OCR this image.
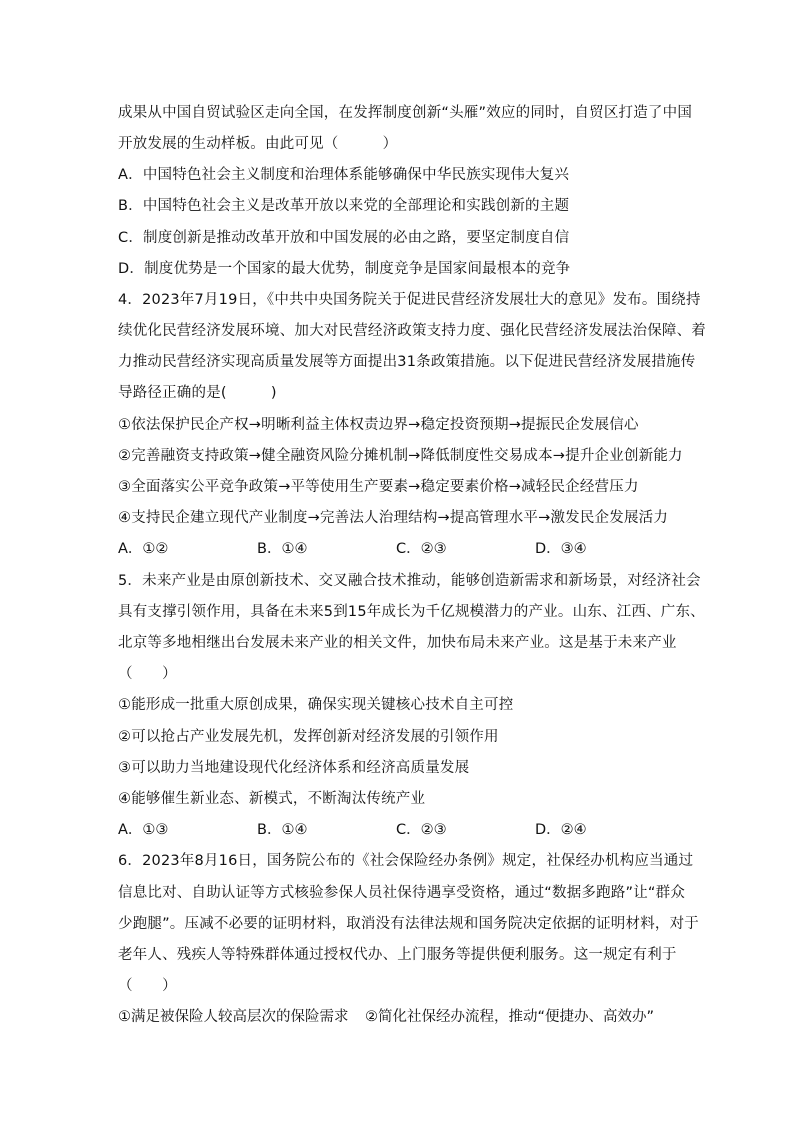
成果从中国自贸试验区走向全国，在发挥制度创新“头雁”效应的同时，自贸区打造了中国
开放发展的生动样板。由此可见（　　　）
A．中国特色社会主义制度和治理体系能够确保中华民族实现伟大复兴
B．中国特色社会主义是改革开放以来党的全部理论和实践创新的主题
C．制度创新是推动改革开放和中国发展的必由之路，要坚定制度自信
D．制度优势是一个国家的最大优势，制度竞争是国家间最根本的竞争
4．2023年7月19日，《中共中央国务院关于促进民营经济发展壮大的意见》发布。围绕持
续优化民营经济发展环境、加大对民营经济政策支持力度、强化民营经济发展法治保障、着
力推动民营经济实现高质量发展等方面提出31条政策措施。以下促进民营经济发展措施传
导路径正确的是(　　　)
①依法保护民企产权→明晰利益主体权责边界→稳定投资预期→提振民企发展信心
②完善融资支持政策→健全融资风险分摊机制→降低制度性交易成本→提升企业创新能力
③全面落实公平竞争政策→平等使用生产要素→稳定要素价格→减轻民企经营压力
④支持民企建立现代产业制度→完善法人治理结构→提高管理水平→激发民企发展活力
A．①②	B．①④	C．②③	D．③④
5．未来产业是由原创新技术、交叉融合技术推动，能够创造新需求和新场景，对经济社会
具有支撑引领作用，具备在未来5到15年成长为千亿规模潜力的产业。山东、江西、广东、
北京等多地相继出台发展未来产业的相关文件，加快布局未来产业。这是基于未来产业
（　　）
①能形成一批重大原创成果，确保实现关键核心技术自主可控
②可以抢占产业发展先机，发挥创新对经济发展的引领作用
③可以助力当地建设现代化经济体系和经济高质量发展
④能够催生新业态、新模式，不断淘汰传统产业
A．①③	B．①④	C．②③	D．②④
6．2023年8月16日，国务院公布的《社会保险经办条例》规定，社保经办机构应当通过
信息比对、自助认证等方式核验参保人员社保待遇享受资格，通过“数据多跑路”让“群众
少跑腿”。压减不必要的证明材料，取消没有法律法规和国务院决定依据的证明材料，对于
老年人、残疾人等特殊群体通过授权代办、上门服务等提供便利服务。这一规定有利于
（　　）
①满足被保险人较高层次的保险需求 ②简化社保经办流程，推动“便捷办、高效办”
